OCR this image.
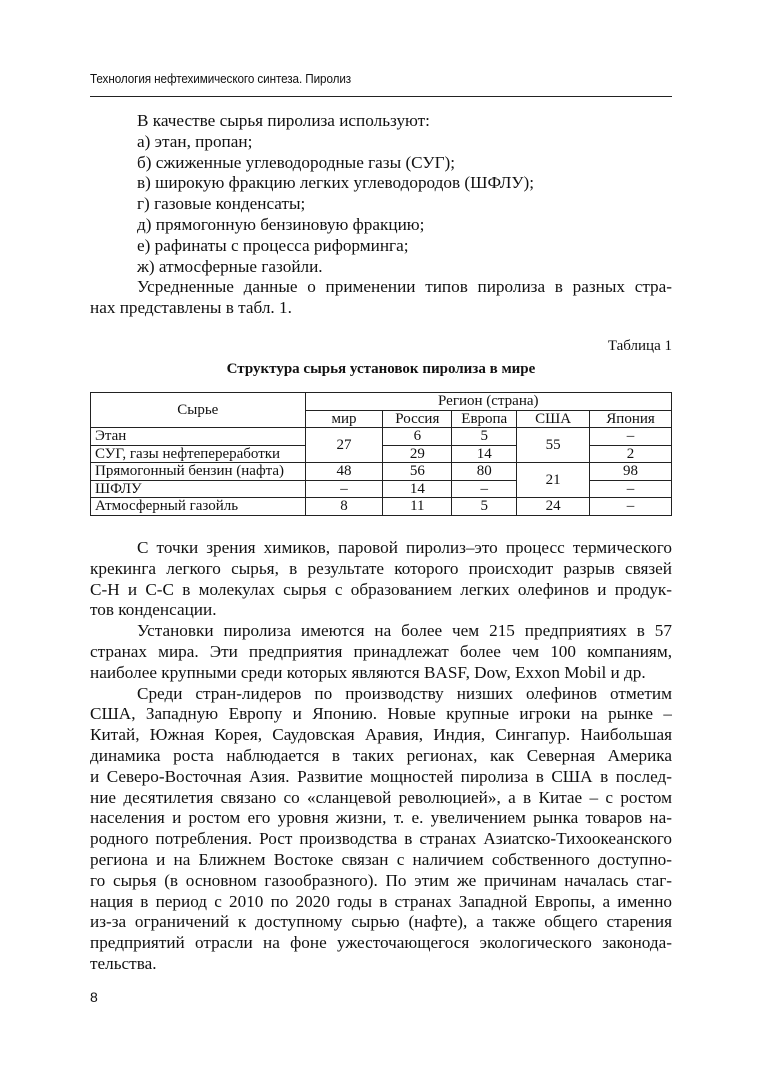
Технология нефтехимического синтеза. Пиролиз
В качестве сырья пиролиза используют:
а) этан, пропан;
б) сжиженные углеводородные газы (СУГ);
в) широкую фракцию легких углеводородов (ШФЛУ);
г) газовые конденсаты;
д) прямогонную бензиновую фракцию;
е) рафинаты с процесса риформинга;
ж) атмосферные газойли.
Усредненные данные о применении типов пиролиза в разных стра-
нах представлены в табл. 1.
Таблица 1
Структура сырья установок пиролиза в мире
Сырье	Регион (страна)				
	мир	Россия	Европа	США	Япония
Этан	27	6	5	55	–
СУГ, газы нефтепереработки		29	14		2
Прямогонный бензин (нафта)	48	56	80	21	98
ШФЛУ	–	14	–		–
Атмосферный газойль	8	11	5	24	–
С точки зрения химиков, паровой пиролиз–это процесс термического
крекинга легкого сырья, в результате которого происходит разрыв связей
С-Н и С-С в молекулах сырья с образованием легких олефинов и продук-
тов конденсации.
Установки пиролиза имеются на более чем 215 предприятиях в 57
странах мира. Эти предприятия принадлежат более чем 100 компаниям,
наиболее крупными среди которых являются BASF, Dow, Exxon Mobil и др.
Среди стран-лидеров по производству низших олефинов отметим
США, Западную Европу и Японию. Новые крупные игроки на рынке –
Китай, Южная Корея, Саудовская Аравия, Индия, Сингапур. Наибольшая
динамика роста наблюдается в таких регионах, как Северная Америка
и Северо-Восточная Азия. Развитие мощностей пиролиза в США в послед-
ние десятилетия связано со «сланцевой революцией», а в Китае – с ростом
населения и ростом его уровня жизни, т. е. увеличением рынка товаров на-
родного потребления. Рост производства в странах Азиатско-Тихоокеанского
региона и на Ближнем Востоке связан с наличием собственного доступно-
го сырья (в основном газообразного). По этим же причинам началась стаг-
нация в период с 2010 по 2020 годы в странах Западной Европы, а именно
из-за ограничений к доступному сырью (нафте), а также общего старения
предприятий отрасли на фоне ужесточающегося экологического законода-
тельства.
8
